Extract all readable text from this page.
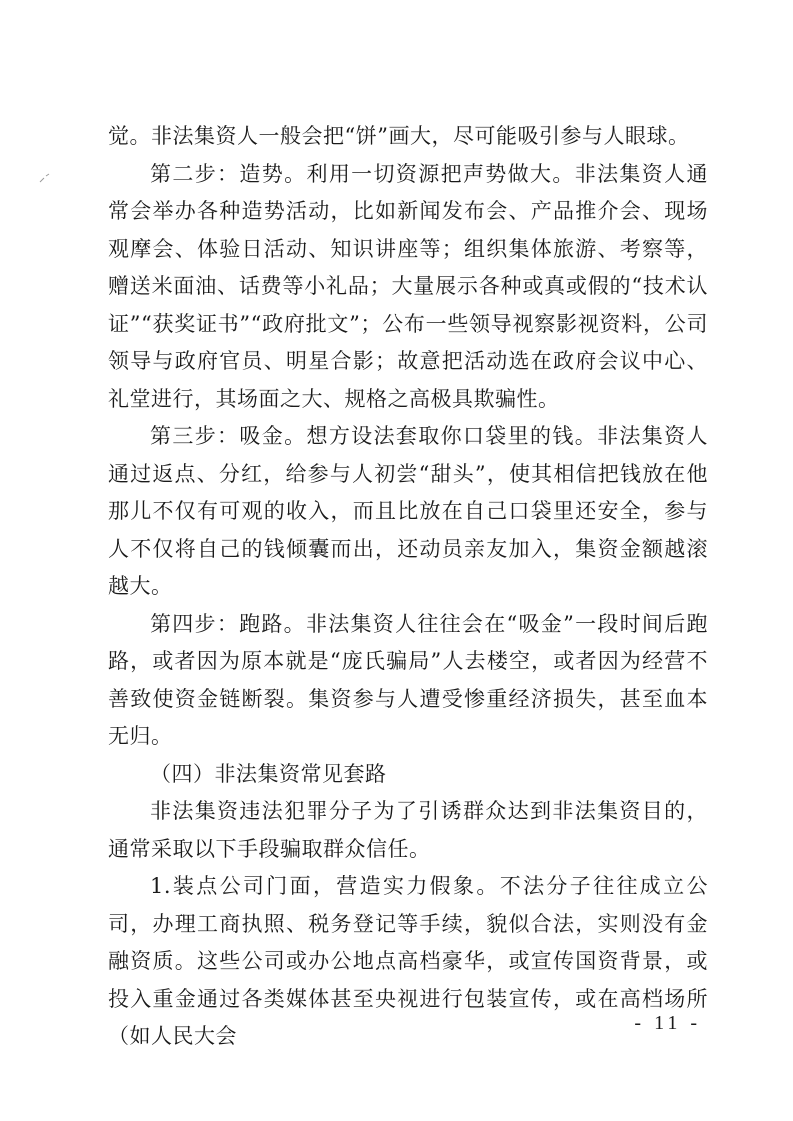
觉。非法集资人一般会把“饼”画大，尽可能吸引参与人眼球。

第二步：造势。利用一切资源把声势做大。非法集资人通常会举办各种造势活动，比如新闻发布会、产品推介会、现场观摩会、体验日活动、知识讲座等；组织集体旅游、考察等，赠送米面油、话费等小礼品；大量展示各种或真或假的“技术认证”“获奖证书”“政府批文”；公布一些领导视察影视资料，公司领导与政府官员、明星合影；故意把活动选在政府会议中心、礼堂进行，其场面之大、规格之高极具欺骗性。

第三步：吸金。想方设法套取你口袋里的钱。非法集资人通过返点、分红，给参与人初尝“甜头”，使其相信把钱放在他那儿不仅有可观的收入，而且比放在自己口袋里还安全，参与人不仅将自己的钱倾囊而出，还动员亲友加入，集资金额越滚越大。

第四步：跑路。非法集资人往往会在“吸金”一段时间后跑路，或者因为原本就是“庞氏骗局”人去楼空，或者因为经营不善致使资金链断裂。集资参与人遭受惨重经济损失，甚至血本无归。

（四）非法集资常见套路

非法集资违法犯罪分子为了引诱群众达到非法集资目的，通常采取以下手段骗取群众信任。

1.装点公司门面，营造实力假象。不法分子往往成立公司，办理工商执照、税务登记等手续，貌似合法，实则没有金融资质。这些公司或办公地点高档豪华，或宣传国资背景，或投入重金通过各类媒体甚至央视进行包装宣传，或在高档场所（如人民大会

- 11 -
